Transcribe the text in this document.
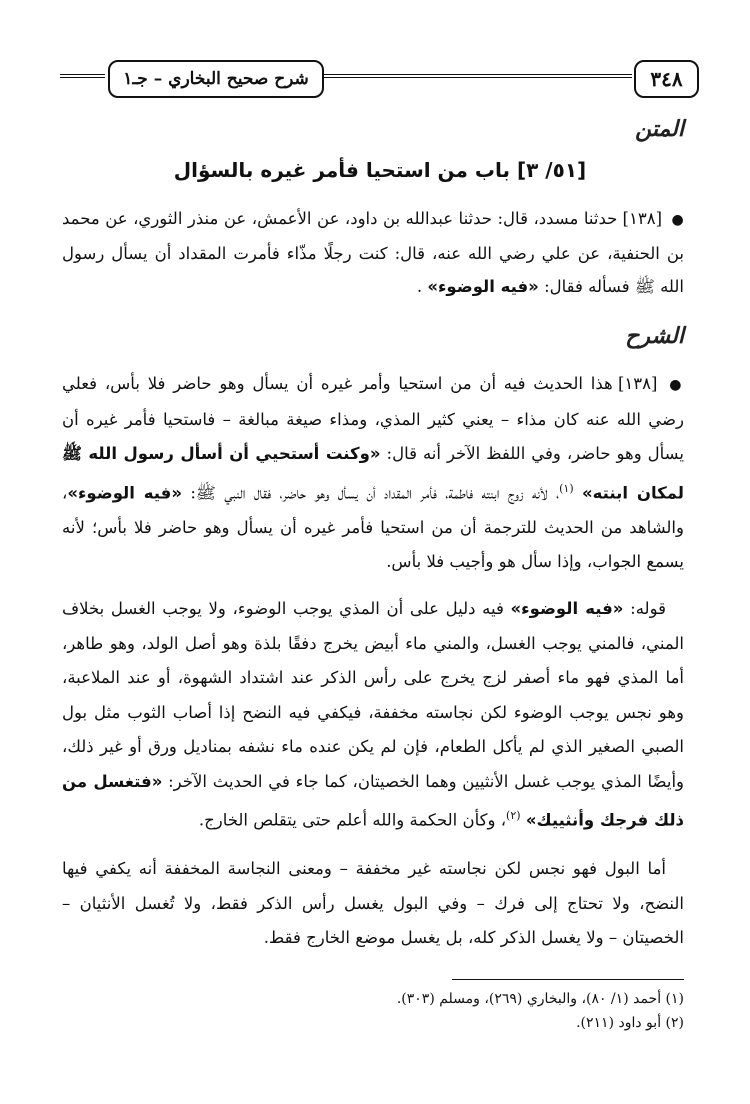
شرح صحيح البخاري – جـ١	٣٤٨
المتن
[٥١/ ٣] باب من استحيا فأمر غيره بالسؤال

● [١٣٨] حدثنا مسدد، قال: حدثنا عبدالله بن داود، عن الأعمش، عن منذر الثوري، عن محمد بن الحنفية، عن علي رضي الله عنه، قال: كنت رجلًا مذّاء فأمرت المقداد أن يسأل رسول الله ﷺ فسأله فقال: «فيه الوضوء» .

الشرح

● [١٣٨] هذا الحديث فيه أن من استحيا وأمر غيره أن يسأل وهو حاضر فلا بأس، فعلي رضي الله عنه كان مذاء – يعني كثير المذي، ومذاء صيغة مبالغة – فاستحيا فأمر غيره أن يسأل وهو حاضر، وفي اللفظ الآخر أنه قال: «وكنت أستحيي أن أسأل رسول الله ﷺ لمكان ابنته» $^{(١)}$، لأنه زوج ابنته فاطمة، فأمر المقداد أن يسأل وهو حاضر، فقال النبي ﷺ: «فيه الوضوء»، والشاهد من الحديث للترجمة أن من استحيا فأمر غيره أن يسأل وهو حاضر فلا بأس؛ لأنه يسمع الجواب، وإذا سأل هو وأجيب فلا بأس.

قوله: «فيه الوضوء» فيه دليل على أن المذي يوجب الوضوء، ولا يوجب الغسل بخلاف المني، فالمني يوجب الغسل، والمني ماء أبيض يخرج دفقًا بلذة وهو أصل الولد، وهو طاهر، أما المذي فهو ماء أصفر لزج يخرج على رأس الذكر عند اشتداد الشهوة، أو عند الملاعبة، وهو نجس يوجب الوضوء لكن نجاسته مخففة، فيكفي فيه النضح إذا أصاب الثوب مثل بول الصبي الصغير الذي لم يأكل الطعام، فإن لم يكن عنده ماء نشفه بمناديل ورق أو غير ذلك، وأيضًا المذي يوجب غسل الأنثيين وهما الخصيتان، كما جاء في الحديث الآخر: «فتغسل من ذلك فرجك وأنثييك» $^{(٢)}$، وكأن الحكمة والله أعلم حتى يتقلص الخارج.

أما البول فهو نجس لكن نجاسته غير مخففة – ومعنى النجاسة المخففة أنه يكفي فيها النضح، ولا تحتاج إلى فرك – وفي البول يغسل رأس الذكر فقط، ولا تُغسل الأنثيان – الخصيتان – ولا يغسل الذكر كله، بل يغسل موضع الخارج فقط.

(١) أحمد (١/ ٨٠)، والبخاري (٢٦٩)، ومسلم (٣٠٣).

(٢) أبو داود (٢١١).
